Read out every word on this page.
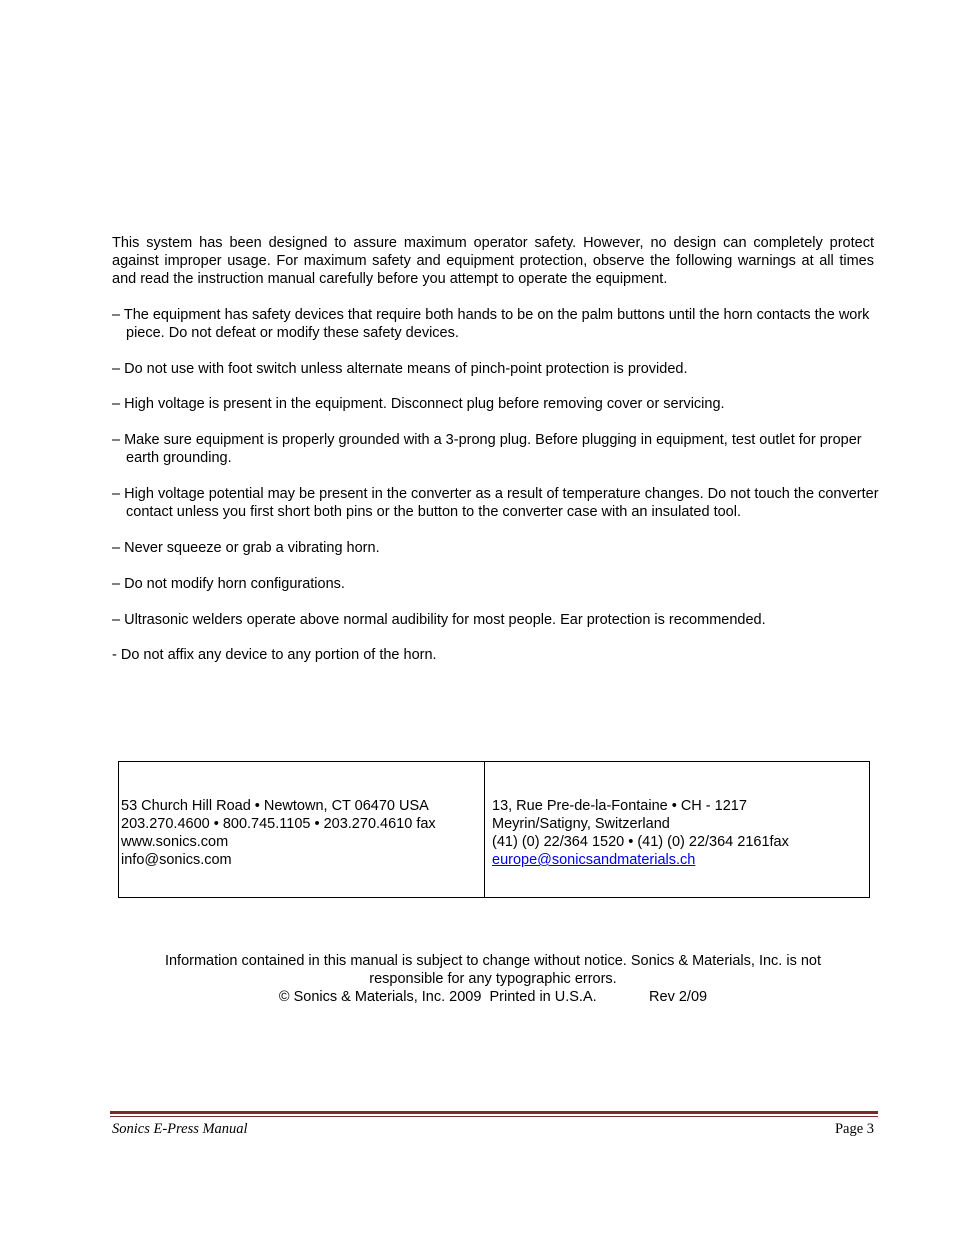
This system has been designed to assure maximum operator safety. However, no design can completely protect against improper usage. For maximum safety and equipment protection, observe the following warnings at all times and read the instruction manual carefully before you attempt to operate the equipment.

– The equipment has safety devices that require both hands to be on the palm buttons until the horn contacts the work piece. Do not defeat or modify these safety devices.

– Do not use with foot switch unless alternate means of pinch-point protection is provided.

– High voltage is present in the equipment. Disconnect plug before removing cover or servicing.

– Make sure equipment is properly grounded with a 3-prong plug. Before plugging in equipment, test outlet for proper earth grounding.

– High voltage potential may be present in the converter as a result of temperature changes. Do not touch the converter contact unless you first short both pins or the button to the converter case with an insulated tool.

– Never squeeze or grab a vibrating horn.

– Do not modify horn configurations.

– Ultrasonic welders operate above normal audibility for most people. Ear protection is recommended.

- Do not affix any device to any portion of the horn.

53 Church Hill Road • Newtown, CT 06470 USA
203.270.4600 • 800.745.1105 • 203.270.4610 fax
www.sonics.com
info@sonics.com
13, Rue Pre-de-la-Fontaine • CH - 1217
Meyrin/Satigny, Switzerland
(41) (0) 22/364 1520 • (41) (0) 22/364 2161fax
europe@sonicsandmaterials.ch
Information contained in this manual is subject to change without notice. Sonics & Materials, Inc. is not responsible for any typographic errors.
© Sonics & Materials, Inc. 2009  Printed in U.S.A.             Rev 2/09
Sonics E-Press Manual	Page 3
